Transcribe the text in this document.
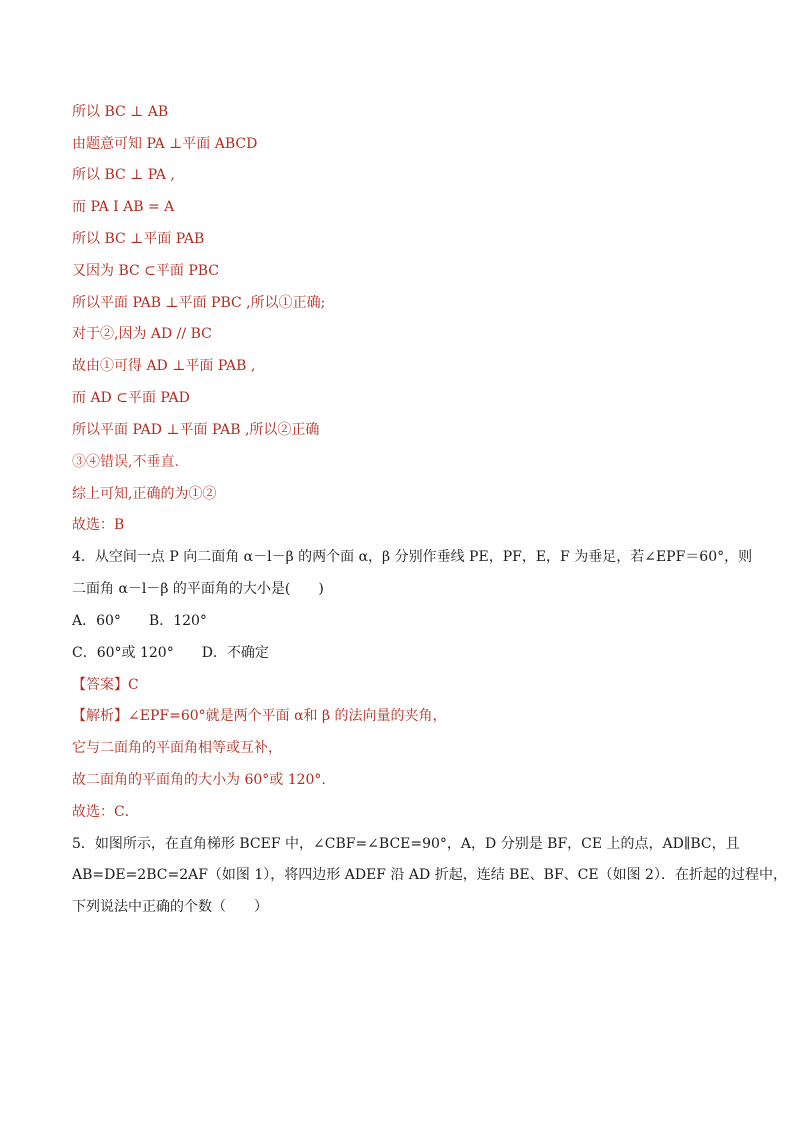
所以 BC ⊥ AB
由题意可知 PA ⊥平面 ABCD
所以 BC ⊥ PA ,
而 PA I AB = A
所以 BC ⊥平面 PAB
又因为 BC ⊂平面 PBC
所以平面 PAB ⊥平面 PBC ,所以①正确;
对于②,因为 AD // BC
故由①可得 AD ⊥平面 PAB ,
而 AD ⊂平面 PAD
所以平面 PAD ⊥平面 PAB ,所以②正确
③④错误,不垂直.
综上可知,正确的为①②
故选：B
4．从空间一点 P 向二面角 α－l－β 的两个面 α，β 分别作垂线 PE，PF，E，F 为垂足，若∠EPF＝60°，则
二面角 α－l－β 的平面角的大小是(　　)
A．60°　　B．120°
C．60°或 120°　　D．不确定
【答案】C
【解析】∠EPF=60°就是两个平面 α和 β 的法向量的夹角，
它与二面角的平面角相等或互补，
故二面角的平面角的大小为 60°或 120°.
故选：C．
5．如图所示，在直角梯形 BCEF 中，∠CBF=∠BCE=90°，A，D 分别是 BF，CE 上的点，AD∥BC，且
AB=DE=2BC=2AF（如图 1），将四边形 ADEF 沿 AD 折起，连结 BE、BF、CE（如图 2）．在折起的过程中，
下列说法中正确的个数（　　）
